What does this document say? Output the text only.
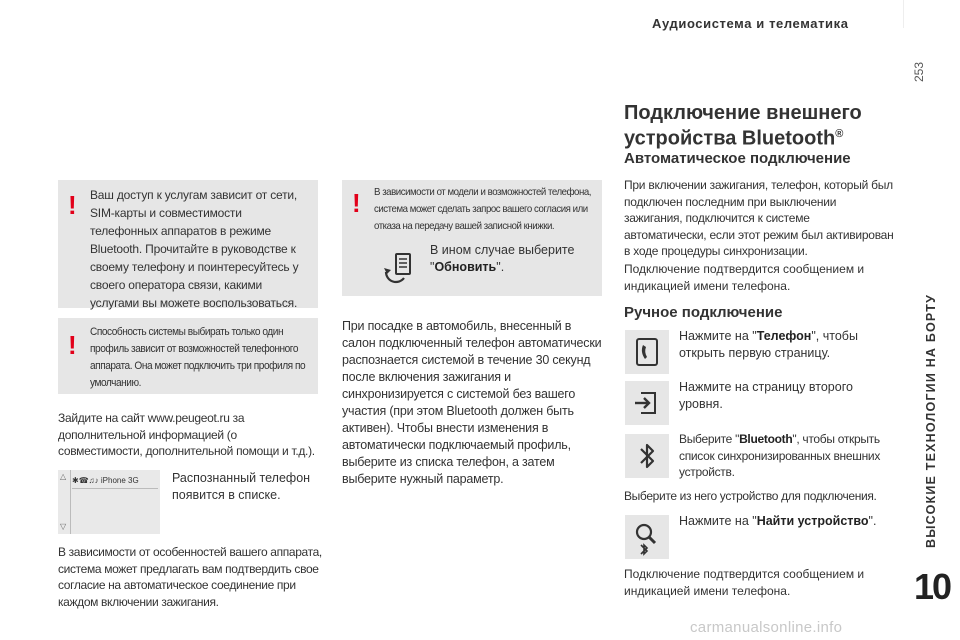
Аудиосистема и телематика
253
ВЫСОКИЕ ТЕХНОЛОГИИ НА БОРТУ
10
! Ваш доступ к услугам зависит от сети, SIM-карты и совместимости телефонных аппаратов в режиме Bluetooth. Прочитайте в руководстве к своему телефону и поинтересуйтесь у своего оператора связи, какими услугами вы можете воспользоваться.
! Способность системы выбирать только один профиль зависит от возможностей телефонного аппарата. Она может подключить три профиля по умолчанию.
Зайдите на сайт www.peugeot.ru за дополнительной информацией (о совместимости, дополнительной помощи и т.д.).
△
▽
✱☎♫♪ iPhone 3G	Распознанный телефон появится в списке.
В зависимости от особенностей вашего аппарата, система может предлагать вам подтвердить свое согласие на автоматическое соединение при каждом включении зажигания.
! В зависимости от модели и возможностей телефона, система может сделать запрос вашего согласия или отказа на передачу вашей записной книжки.
В ином случае выберите "Обновить".
При посадке в автомобиль, внесенный в салон подключенный телефон автоматически распознается системой в течение 30 секунд после включения зажигания и синхронизируется с системой без вашего участия (при этом Bluetooth должен быть активен). Чтобы внести изменения в автоматически подключаемый профиль, выберите из списка телефон, а затем выберите нужный параметр.
Подключение внешнего
устройства Bluetooth®
Автоматическое подключение
При включении зажигания, телефон, который был подключен последним при выключении зажигания, подключится к системе автоматически, если этот режим был активирован в ходе процедуры синхронизации.
Подключение подтвердится сообщением и индикацией имени телефона.
Ручное подключение
Нажмите на "Телефон", чтобы открыть первую страницу.
Нажмите на страницу второго уровня.
Выберите "Bluetooth", чтобы открыть список синхронизированных внешних устройств.
Выберите из него устройство для подключения.
Нажмите на "Найти устройство".
Подключение подтвердится сообщением и индикацией имени телефона.
carmanualsonline.info
